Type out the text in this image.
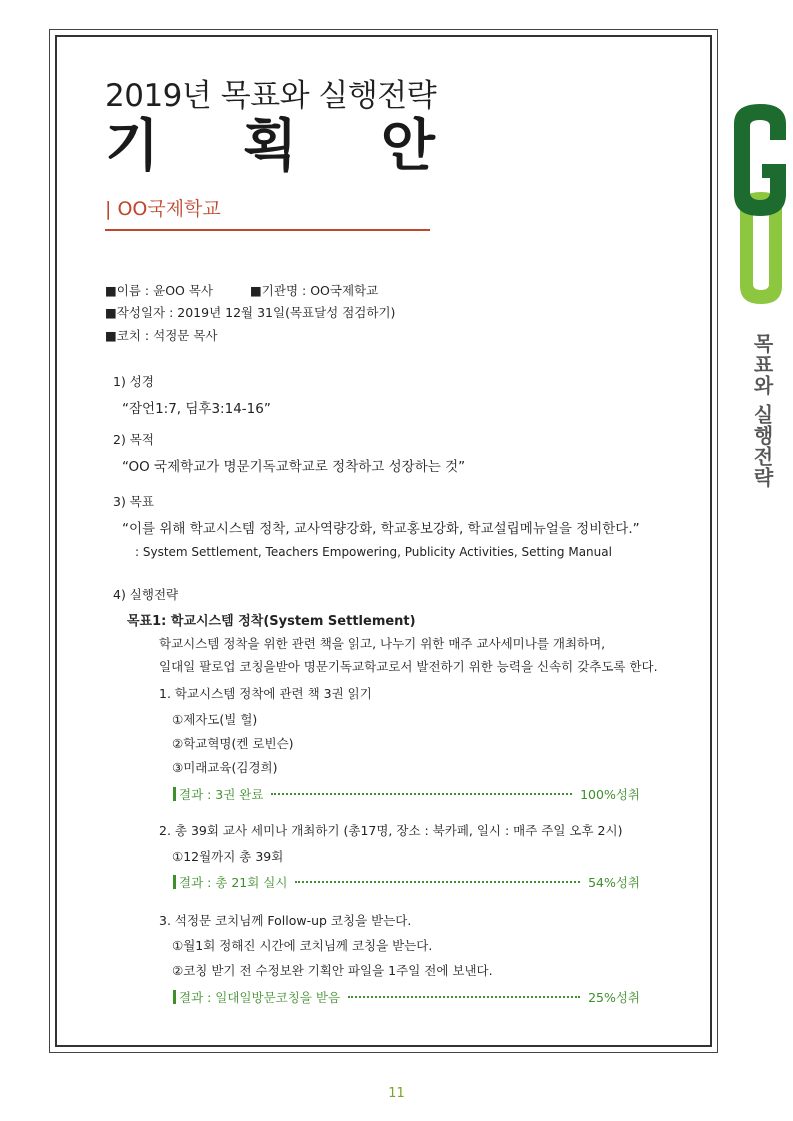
2019년 목표와 실행전략
기 획 안
| OO국제학교
■이름 : 윤OO 목사	■기관명 : OO국제학교
■작성일자 : 2019년 12월 31일(목표달성 점검하기)
■코치 : 석정문 목사
1) 성경
“잠언1:7, 딤후3:14-16”
2) 목적
“OO 국제학교가 명문기독교학교로 정착하고 성장하는 것”
3) 목표
“이를 위해 학교시스템 정착, 교사역량강화, 학교홍보강화, 학교설립메뉴얼을 정비한다.”
: System Settlement, Teachers Empowering, Publicity Activities, Setting Manual
4) 실행전략
목표1: 학교시스템 정착(System Settlement)
학교시스템 정착을 위한 관련 책을 읽고, 나누기 위한 매주 교사세미나를 개최하며,
일대일 팔로업 코칭을받아 명문기독교학교로서 발전하기 위한 능력을 신속히 갖추도록 한다.
1. 학교시스템 정착에 관련 책 3권 읽기
①제자도(빌 헐)
②학교혁명(켄 로빈슨)
③미래교육(김경희)
결과 : 3권 완료	100%성취
2. 총 39회 교사 세미나 개최하기 (총17명, 장소 : 북카페, 일시 : 매주 주일 오후 2시)
①12월까지 총 39회
결과 : 총 21회 실시	54%성취
3. 석정문 코치님께 Follow-up 코칭을 받는다.
①월1회 정해진 시간에 코치님께 코칭을 받는다.
②코칭 받기 전 수정보완 기획안 파일을 1주일 전에 보낸다.
결과 : 일대일방문코칭을 받음	25%성취
목표와 실행전략
11
